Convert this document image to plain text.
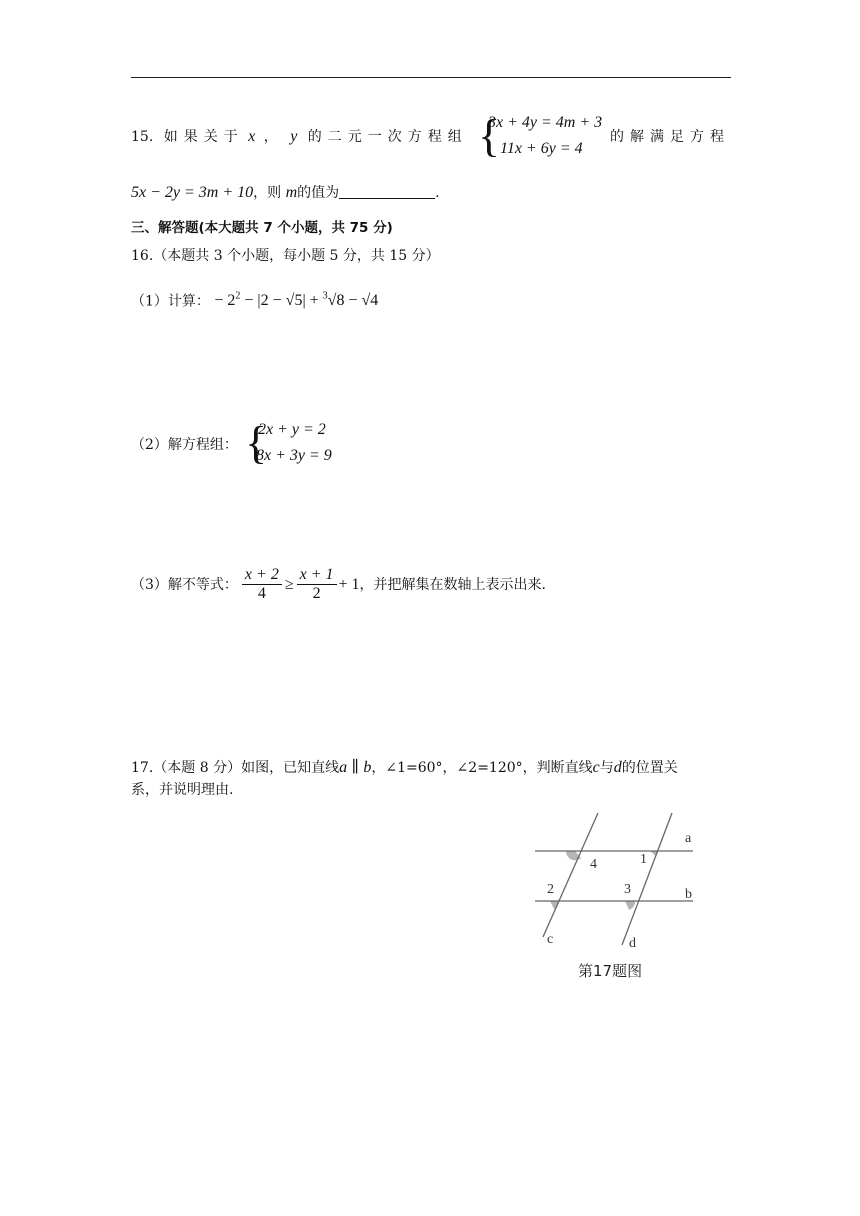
15. 如果关于 x ， y 的二元一次方程组 {
3x + 4y = 4m + 3
11x + 6y = 4
的解满足方程
5x − 2y = 3m + 10，则 m的值为	.
三、解答题(本大题共 7 个小题，共 75 分)
16.（本题共 3 个小题，每小题 5 分，共 15 分）
（1）计算： − $2^2 - |2 - √5| + ^3√8 - √4$
（2）解方程组： {
2x + y = 2
8x + 3y = 9
（3）解不等式： $\frac{x + 2}{4} \ge \frac{x + 1}{2} + 1$ ，并把解集在数轴上表示出来.
17.（本题 8 分）如图，已知直线a ∥ b，∠1=60°，∠2=120°，判断直线c与d的位置关
系，并说明理由.
a
b
c	d
1
4
2	3
第17题图
